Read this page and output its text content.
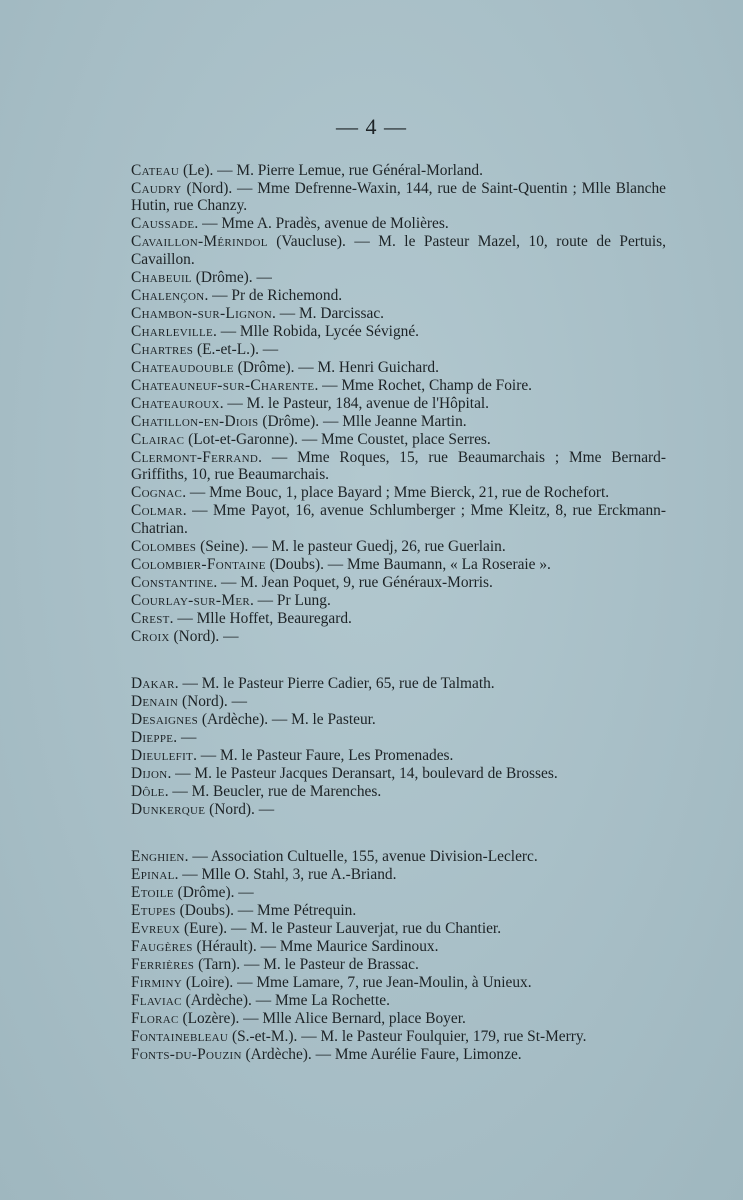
— 4 —
Cateau (Le). — M. Pierre Lemue, rue Général-Morland.
Caudry (Nord). — Mme Defrenne-Waxin, 144, rue de Saint-Quentin ; Mlle Blanche Hutin, rue Chanzy.
Caussade. — Mme A. Pradès, avenue de Molières.
Cavaillon-Mérindol (Vaucluse). — M. le Pasteur Mazel, 10, route de Pertuis, Cavaillon.
Chabeuil (Drôme). —
Chalençon. — Pr de Richemond.
Chambon-sur-Lignon. — M. Darcissac.
Charleville. — Mlle Robida, Lycée Sévigné.
Chartres (E.-et-L.). —
Chateaudouble (Drôme). — M. Henri Guichard.
Chateauneuf-sur-Charente. — Mme Rochet, Champ de Foire.
Chateauroux. — M. le Pasteur, 184, avenue de l'Hôpital.
Chatillon-en-Diois (Drôme). — Mlle Jeanne Martin.
Clairac (Lot-et-Garonne). — Mme Coustet, place Serres.
Clermont-Ferrand. — Mme Roques, 15, rue Beaumarchais ; Mme Bernard-Griffiths, 10, rue Beaumarchais.
Cognac. — Mme Bouc, 1, place Bayard ; Mme Bierck, 21, rue de Rochefort.
Colmar. — Mme Payot, 16, avenue Schlumberger ; Mme Kleitz, 8, rue Erckmann-Chatrian.
Colombes (Seine). — M. le pasteur Guedj, 26, rue Guerlain.
Colombier-Fontaine (Doubs). — Mme Baumann, « La Roseraie ».
Constantine. — M. Jean Poquet, 9, rue Généraux-Morris.
Courlay-sur-Mer. — Pr Lung.
Crest. — Mlle Hoffet, Beauregard.
Croix (Nord). —
Dakar. — M. le Pasteur Pierre Cadier, 65, rue de Talmath.
Denain (Nord). —
Desaignes (Ardèche). — M. le Pasteur.
Dieppe. —
Dieulefit. — M. le Pasteur Faure, Les Promenades.
Dijon. — M. le Pasteur Jacques Deransart, 14, boulevard de Brosses.
Dôle. — M. Beucler, rue de Marenches.
Dunkerque (Nord). —
Enghien. — Association Cultuelle, 155, avenue Division-Leclerc.
Epinal. — Mlle O. Stahl, 3, rue A.-Briand.
Etoile (Drôme). —
Etupes (Doubs). — Mme Pétrequin.
Evreux (Eure). — M. le Pasteur Lauverjat, rue du Chantier.
Faugères (Hérault). — Mme Maurice Sardinoux.
Ferrières (Tarn). — M. le Pasteur de Brassac.
Firminy (Loire). — Mme Lamare, 7, rue Jean-Moulin, à Unieux.
Flaviac (Ardèche). — Mme La Rochette.
Florac (Lozère). — Mlle Alice Bernard, place Boyer.
Fontainebleau (S.-et-M.). — M. le Pasteur Foulquier, 179, rue St-Merry.
Fonts-du-Pouzin (Ardèche). — Mme Aurélie Faure, Limonze.
